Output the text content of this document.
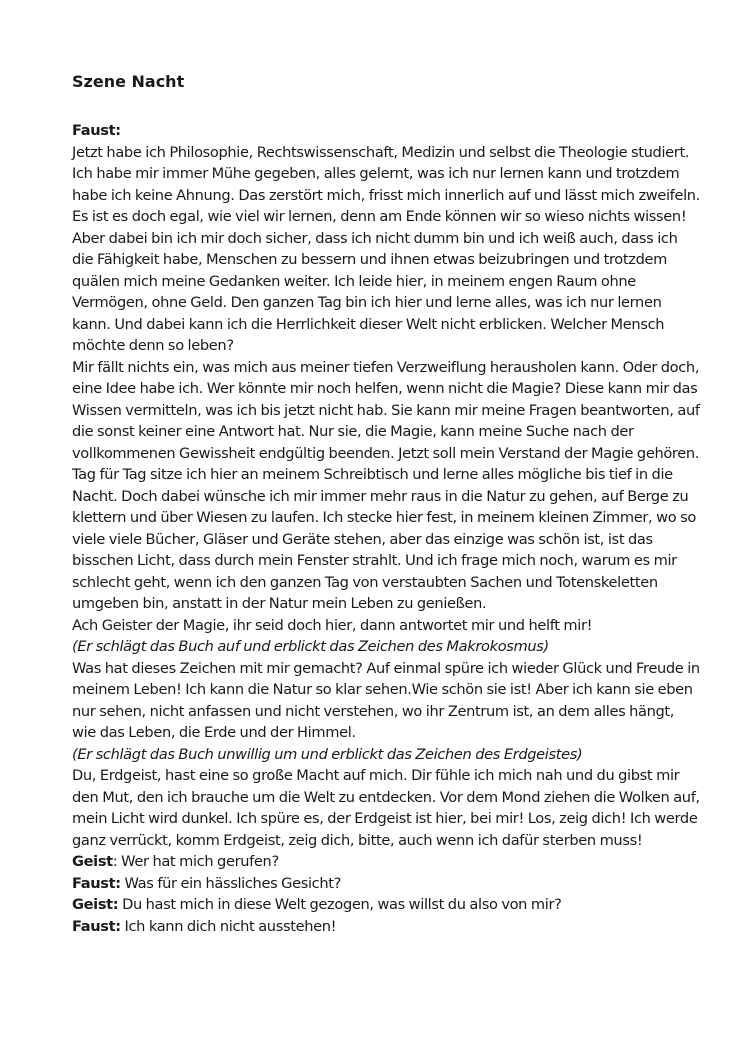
Szene Nacht

Faust:

Jetzt habe ich Philosophie, Rechtswissenschaft, Medizin und selbst die Theologie studiert. Ich habe mir immer Mühe gegeben, alles gelernt, was ich nur lernen kann und trotzdem habe ich keine Ahnung. Das zerstört mich, frisst mich innerlich auf und lässt mich zweifeln. Es ist es doch egal, wie viel wir lernen, denn am Ende können wir so wieso nichts wissen! Aber dabei bin ich mir doch sicher, dass ich nicht dumm bin und ich weiß auch, dass ich die Fähigkeit habe, Menschen zu bessern und ihnen etwas beizubringen und trotzdem quälen mich meine Gedanken weiter. Ich leide hier, in meinem engen Raum ohne Vermögen, ohne Geld. Den ganzen Tag bin ich hier und lerne alles, was ich nur lernen kann. Und dabei kann ich die Herrlichkeit dieser Welt nicht erblicken. Welcher Mensch möchte denn so leben?

Mir fällt nichts ein, was mich aus meiner tiefen Verzweiflung herausholen kann. Oder doch, eine Idee habe ich. Wer könnte mir noch helfen, wenn nicht die Magie? Diese kann mir das Wissen vermitteln, was ich bis jetzt nicht hab. Sie kann mir meine Fragen beantworten, auf die sonst keiner eine Antwort hat. Nur sie, die Magie, kann meine Suche nach der vollkommenen Gewissheit endgültig beenden. Jetzt soll mein Verstand der Magie gehören.

Tag für Tag sitze ich hier an meinem Schreibtisch und lerne alles mögliche bis tief in die Nacht. Doch dabei wünsche ich mir immer mehr raus in die Natur zu gehen, auf Berge zu klettern und über Wiesen zu laufen. Ich stecke hier fest, in meinem kleinen Zimmer, wo so viele viele Bücher, Gläser und Geräte stehen, aber das einzige was schön ist, ist das bisschen Licht, dass durch mein Fenster strahlt. Und ich frage mich noch, warum es mir schlecht geht, wenn ich den ganzen Tag von verstaubten Sachen und Totenskeletten umgeben bin, anstatt in der Natur mein Leben zu genießen.

Ach Geister der Magie, ihr seid doch hier, dann antwortet mir und helft mir!

(Er schlägt das Buch auf und erblickt das Zeichen des Makrokosmus)

Was hat dieses Zeichen mit mir gemacht? Auf einmal spüre ich wieder Glück und Freude in meinem Leben! Ich kann die Natur so klar sehen.Wie schön sie ist! Aber ich kann sie eben nur sehen, nicht anfassen und nicht verstehen, wo ihr Zentrum ist, an dem alles hängt, wie das Leben, die Erde und der Himmel.

(Er schlägt das Buch unwillig um und erblickt das Zeichen des Erdgeistes)

Du, Erdgeist, hast eine so große Macht auf mich. Dir fühle ich mich nah und du gibst mir den Mut, den ich brauche um die Welt zu entdecken. Vor dem Mond ziehen die Wolken auf, mein Licht wird dunkel. Ich spüre es, der Erdgeist ist hier, bei mir! Los, zeig dich! Ich werde ganz verrückt, komm Erdgeist, zeig dich, bitte, auch wenn ich dafür sterben muss!

Geist: Wer hat mich gerufen?

Faust: Was für ein hässliches Gesicht?

Geist: Du hast mich in diese Welt gezogen, was willst du also von mir?

Faust: Ich kann dich nicht ausstehen!
